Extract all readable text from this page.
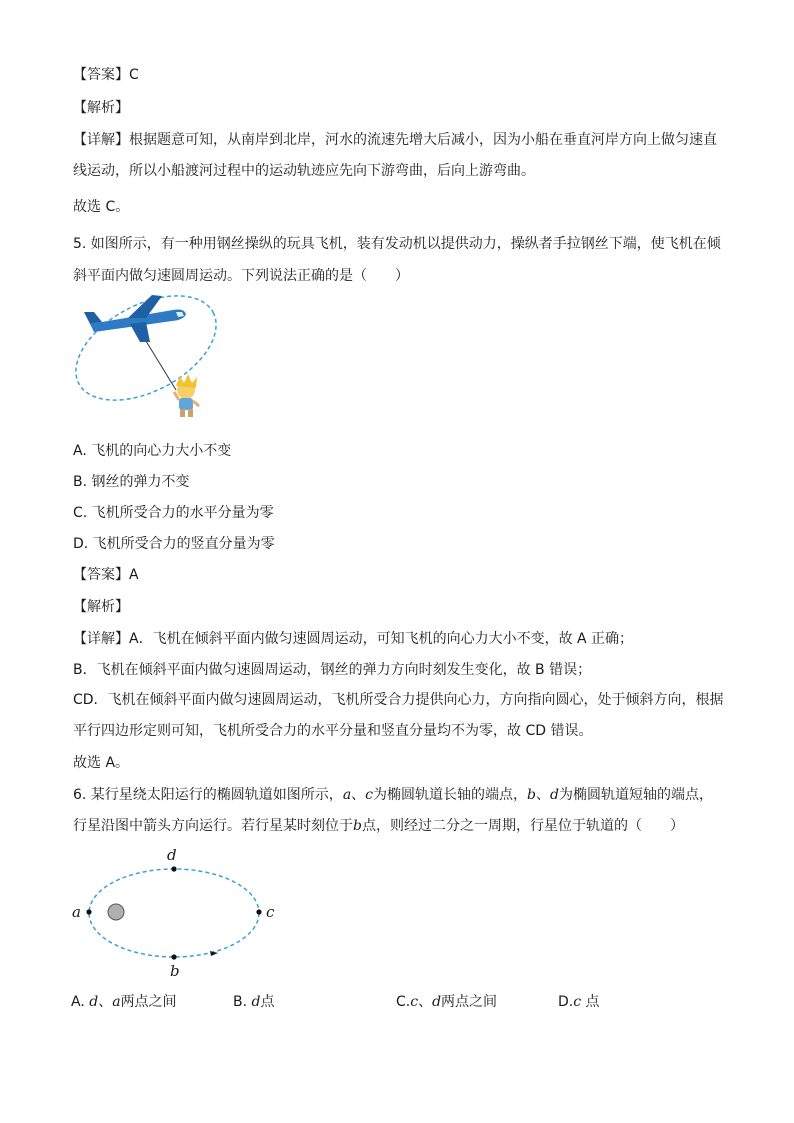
【答案】C
【解析】
【详解】根据题意可知，从南岸到北岸，河水的流速先增大后减小，因为小船在垂直河岸方向上做匀速直
线运动，所以小船渡河过程中的运动轨迹应先向下游弯曲，后向上游弯曲。
故选 C。
5. 如图所示，有一种用钢丝操纵的玩具飞机，装有发动机以提供动力，操纵者手拉钢丝下端，使飞机在倾
斜平面内做匀速圆周运动。下列说法正确的是（　　）
A. 飞机的向心力大小不变
B. 钢丝的弹力不变
C. 飞机所受合力的水平分量为零
D. 飞机所受合力的竖直分量为零
【答案】A
【解析】
【详解】A．飞机在倾斜平面内做匀速圆周运动，可知飞机的向心力大小不变，故 A 正确；
B．飞机在倾斜平面内做匀速圆周运动，钢丝的弹力方向时刻发生变化，故 B 错误；
CD．飞机在倾斜平面内做匀速圆周运动，飞机所受合力提供向心力，方向指向圆心，处于倾斜方向，根据
平行四边形定则可知，飞机所受合力的水平分量和竖直分量均不为零，故 CD 错误。
故选 A。
6. 某行星绕太阳运行的椭圆轨道如图所示，a、c为椭圆轨道长轴的端点，b、d为椭圆轨道短轴的端点，
行星沿图中箭头方向运行。若行星某时刻位于b点，则经过二分之一周期，行星位于轨道的（　　）
a	c
d
b
A. d、a两点之间	B. d点	C.c、d两点之间	D.c 点
